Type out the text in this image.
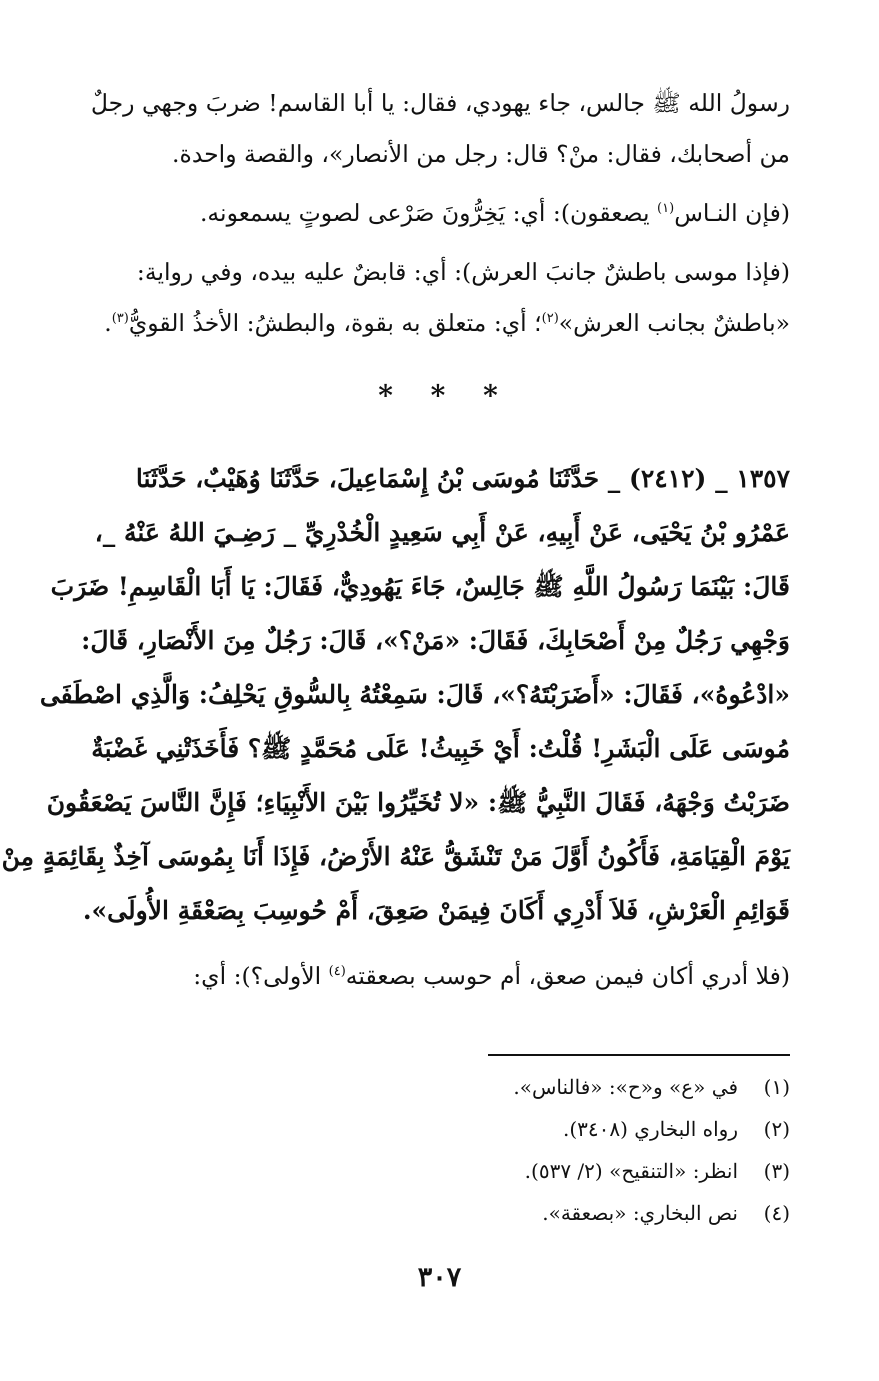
رسولُ الله ﷺ جالس، جاء يهودي، فقال: يا أبا القاسم! ضربَ وجهي رجلٌ
من أصحابك، فقال: منْ؟ قال: رجل من الأنصار»، والقصة واحدة.
(فإن النـاس$^{(١)}$ يصعقون): أي: يَخِرُّونَ صَرْعى لصوتٍ يسمعونه.
(فإذا موسى باطشٌ جانبَ العرش): أي: قابضٌ عليه بيده، وفي رواية:
«باطشٌ بجانب العرش»$^{(٢)}$؛ أي: متعلق به بقوة، والبطشُ: الأخذُ القويُّ$^{(٣)}$.
* * *
١٣٥٧ _ (٢٤١٢) _ حَدَّثَنَا مُوسَى بْنُ إِسْمَاعِيلَ، حَدَّثَنَا وُهَيْبٌ، حَدَّثَنَا
عَمْرُو بْنُ يَحْيَى، عَنْ أَبِيهِ، عَنْ أَبِي سَعِيدٍ الْخُدْرِيِّ _ رَضِـيَ اللهُ عَنْهُ _،
قَالَ: بَيْنَمَا رَسُولُ اللَّهِ ﷺ جَالِسٌ، جَاءَ يَهُودِيٌّ، فَقَالَ: يَا أَبَا الْقَاسِمِ! ضَرَبَ
وَجْهِي رَجُلٌ مِنْ أَصْحَابِكَ، فَقَالَ: «مَنْ؟»، قَالَ: رَجُلٌ مِنَ الأَنْصَارِ، قَالَ:
«ادْعُوهُ»، فَقَالَ: «أَضَرَبْتَهُ؟»، قَالَ: سَمِعْتُهُ بِالسُّوقِ يَحْلِفُ: وَالَّذِي اصْطَفَى
مُوسَى عَلَى الْبَشَرِ! قُلْتُ: أَيْ خَبِيثُ! عَلَى مُحَمَّدٍ ﷺ؟ فَأَخَذَتْنِي غَضْبَةٌ
ضَرَبْتُ وَجْهَهُ، فَقَالَ النَّبِيُّ ﷺ: «لا تُخَيِّرُوا بَيْنَ الأَنْبِيَاءِ؛ فَإِنَّ النَّاسَ يَصْعَقُونَ
يَوْمَ الْقِيَامَةِ، فَأَكُونُ أَوَّلَ مَنْ تَنْشَقُّ عَنْهُ الأَرْضُ، فَإِذَا أَنَا بِمُوسَى آخِذٌ بِقَائِمَةٍ مِنْ
قَوَائِمِ الْعَرْشِ، فَلاَ أَدْرِي أَكَانَ فِيمَنْ صَعِقَ، أَمْ حُوسِبَ بِصَعْقَةِ الأُولَى».
(فلا أدري أكان فيمن صعق، أم حوسب بصعقته$^{(٤)}$ الأولى؟): أي:
(١)في «ع» و«ح»: «فالناس».
(٢)رواه البخاري (٣٤٠٨).
(٣)انظر: «التنقيح» (٢/ ٥٣٧).
(٤)نص البخاري: «بصعقة».
٣٠٧
